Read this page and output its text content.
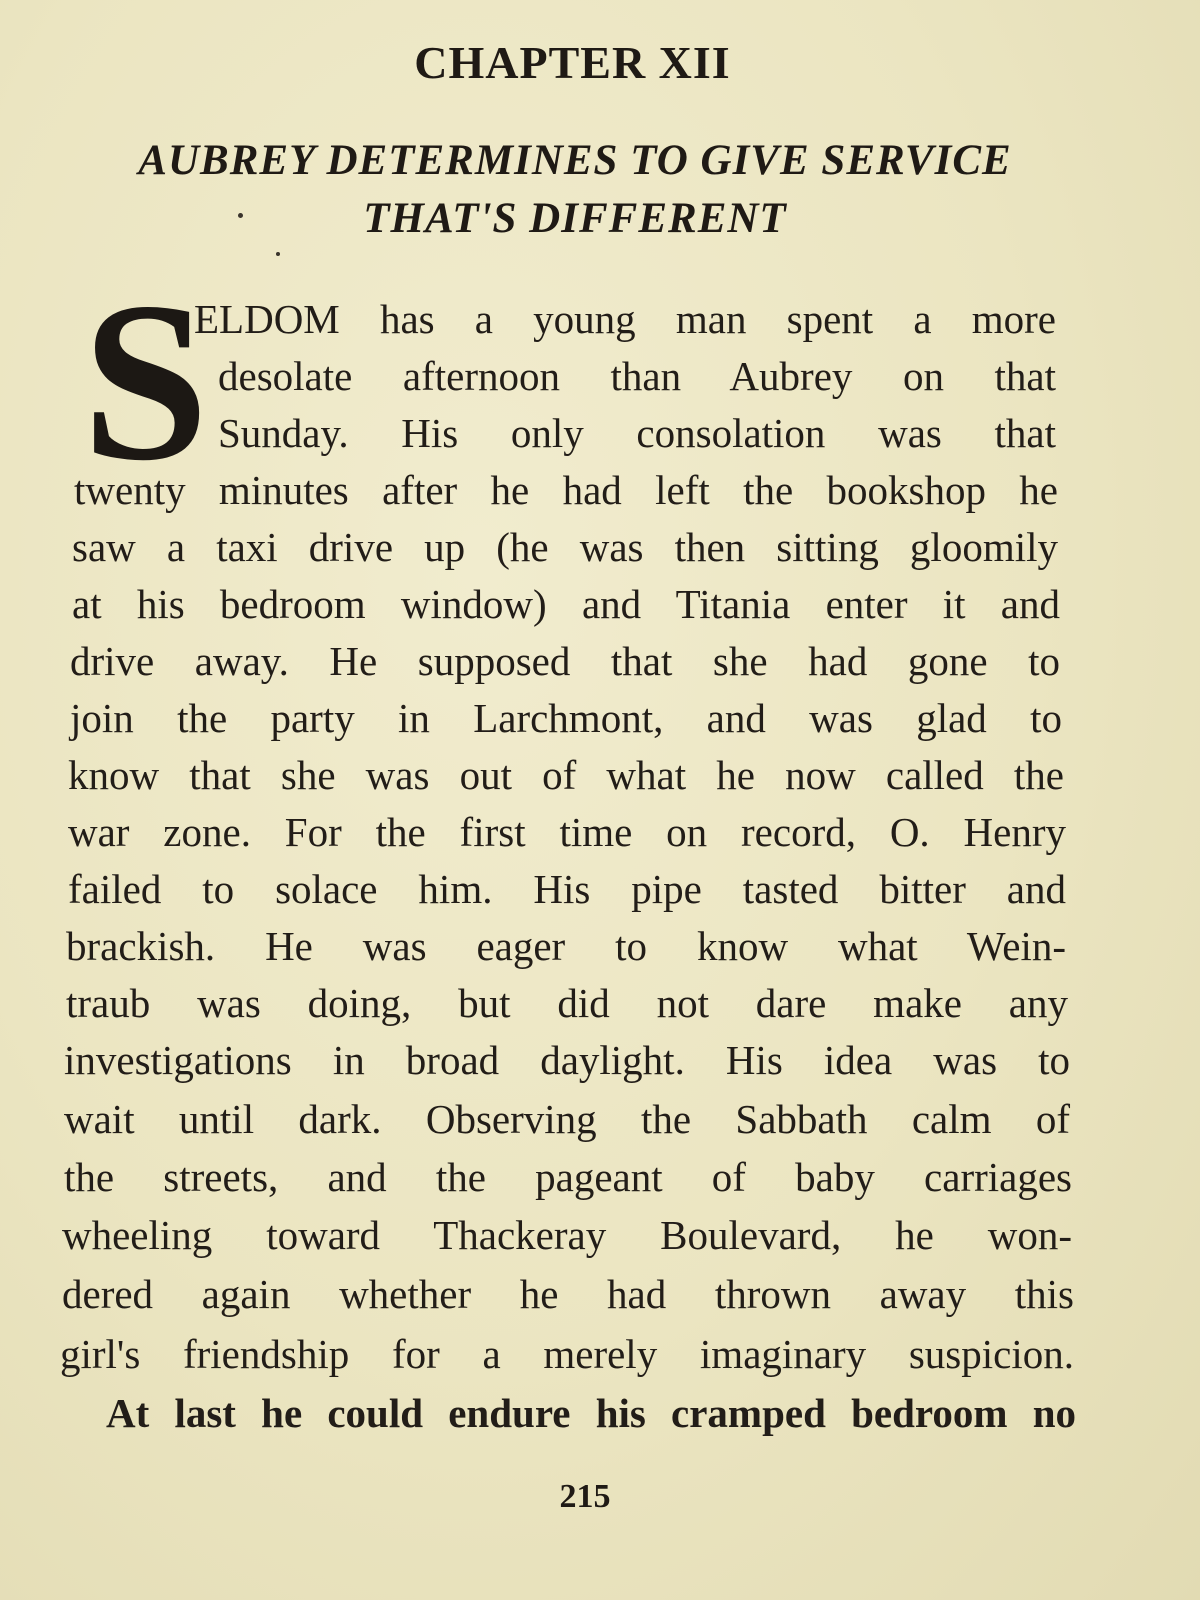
CHAPTER XII
AUBREY DETERMINES TO GIVE SERVICE
THAT'S DIFFERENT
S
ELDOM has a young man spent a more
desolate afternoon than Aubrey on that
Sunday. His only consolation was that
twenty minutes after he had left the bookshop he
saw a taxi drive up (he was then sitting gloomily
at his bedroom window) and Titania enter it and
drive away. He supposed that she had gone to
join the party in Larchmont, and was glad to
know that she was out of what he now called the
war zone. For the first time on record, O. Henry
failed to solace him. His pipe tasted bitter and
brackish. He was eager to know what Wein-
traub was doing, but did not dare make any
investigations in broad daylight. His idea was to
wait until dark. Observing the Sabbath calm of
the streets, and the pageant of baby carriages
wheeling toward Thackeray Boulevard, he won-
dered again whether he had thrown away this
girl's friendship for a merely imaginary suspicion.
At last he could endure his cramped bedroom no
215
